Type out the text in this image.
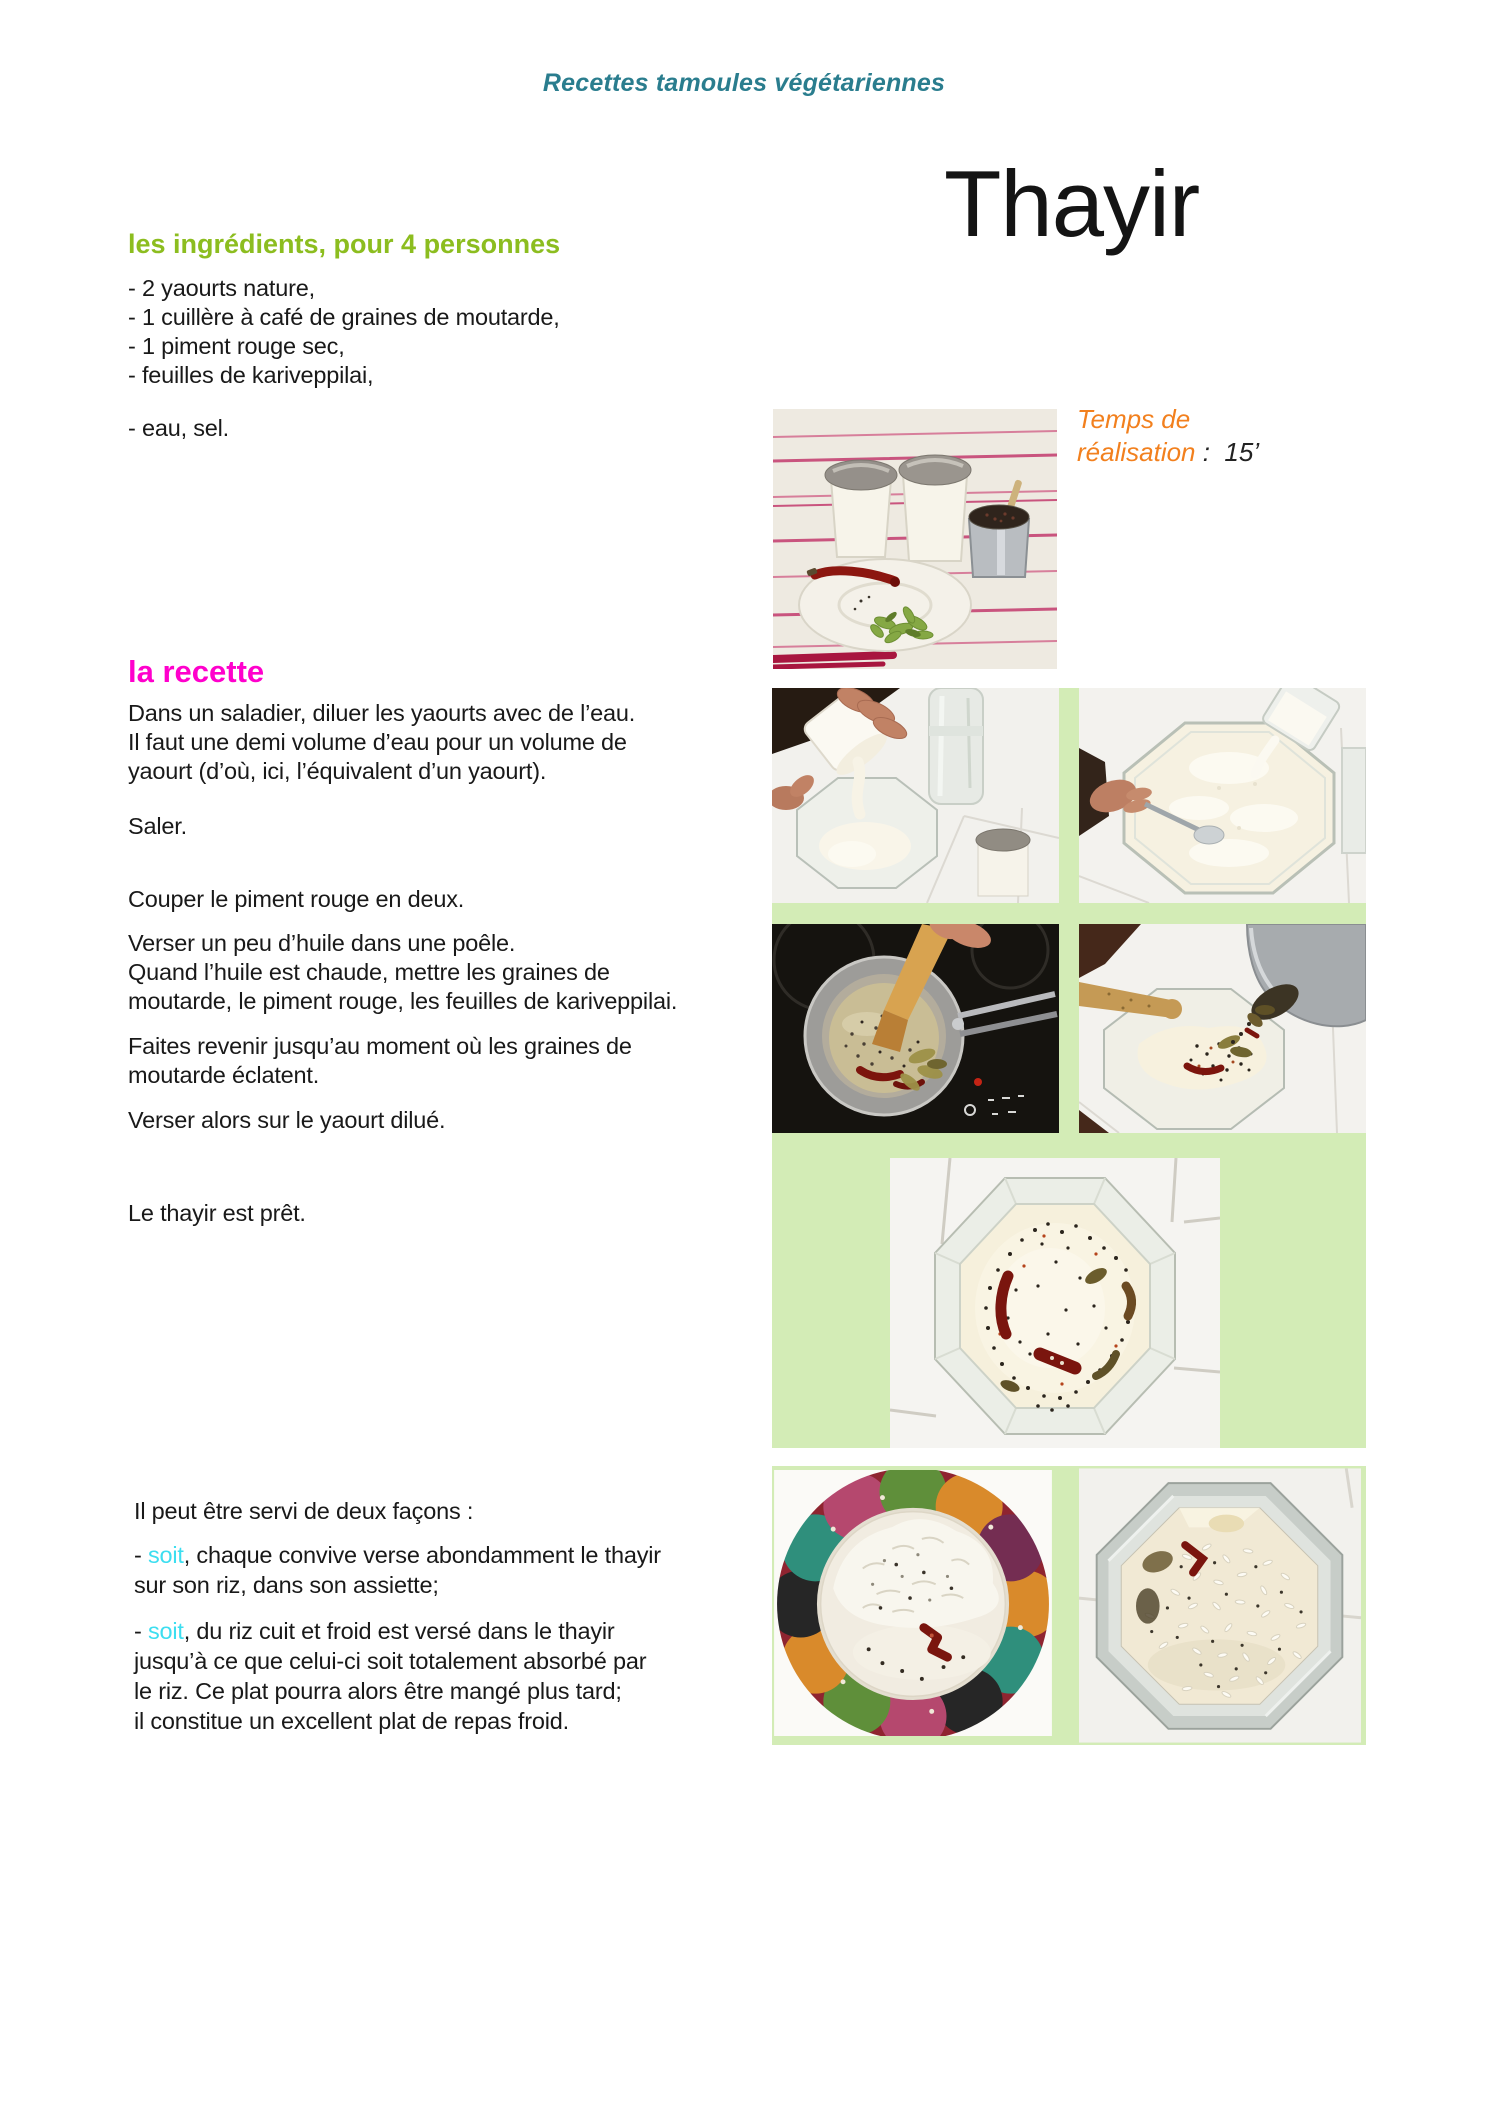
Recettes tamoules végétariennes
Thayir
les ingrédients, pour 4 personnes
- 2 yaourts nature,
- 1 cuillère à café de graines de moutarde,
- 1 piment rouge sec,
- feuilles de kariveppilai,
- eau, sel.	Temps de
réalisation :  15’
la recette
Dans un saladier, diluer les yaourts avec de l’eau.
Il faut une demi volume d’eau pour un volume de
yaourt (d’où, ici, l’équivalent d’un yaourt).
Saler.
Couper le piment rouge en deux.
Verser un peu d’huile dans une poêle.
Quand l’huile est chaude, mettre les graines de
moutarde, le piment rouge, les feuilles de kariveppilai.
Faites revenir jusqu’au moment où les graines de
moutarde éclatent.
Verser alors sur le yaourt dilué.
Le thayir est prêt.
Il peut être servi de deux façons :
- soit, chaque convive verse abondamment le thayir
sur son riz, dans son assiette;
- soit, du riz cuit et froid est versé dans le thayir
jusqu’à ce que celui-ci soit totalement absorbé par
le riz. Ce plat pourra alors être mangé plus tard;
il constitue un excellent plat de repas froid.
